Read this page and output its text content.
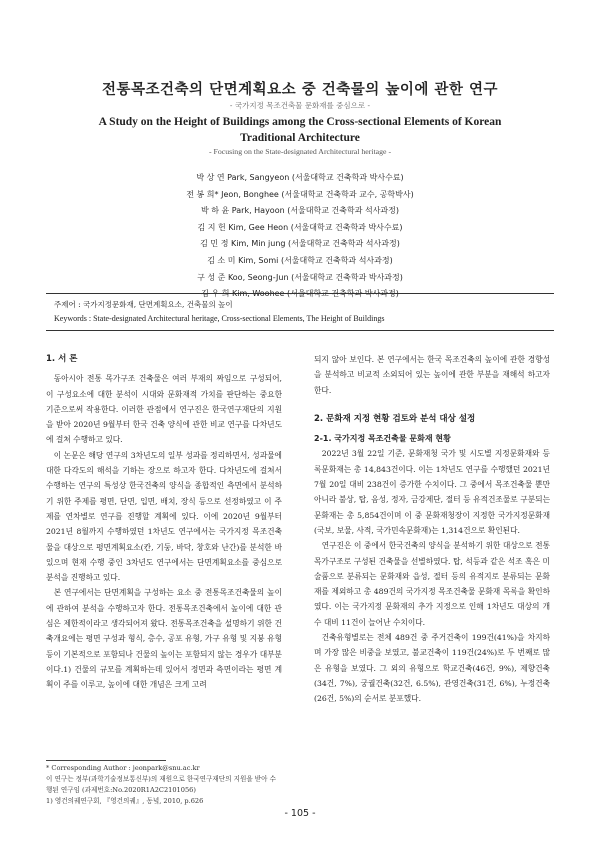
전통목조건축의 단면계획요소 중 건축물의 높이에 관한 연구
- 국가지정 목조건축물 문화재를 중심으로 -
A Study on the Height of Buildings among the Cross-sectional Elements of Korean
Traditional Architecture
- Focusing on the State-designated Architectural heritage -
박 상 연 Park, Sangyeon (서울대학교 건축학과 박사수료)
전 봉 희* Jeon, Bonghee (서울대학교 건축학과 교수, 공학박사)
박 하 윤 Park, Hayoon (서울대학교 건축학과 석사과정)
김 지 헌 Kim, Gee Heon (서울대학교 건축학과 박사수료)
김 민 정 Kim, Min jung (서울대학교 건축학과 석사과정)
김 소 미 Kim, Somi (서울대학교 건축학과 석사과정)
구 성 준 Koo, Seong-Jun (서울대학교 건축학과 박사과정)
김 우 희 Kim, Woohee (서울대학교 건축학과 박사과정)
주제어 : 국가지정문화재, 단면계획요소, 건축물의 높이
Keywords : State-designated Architectural heritage, Cross-sectional Elements, The Height of Buildings
1. 서 론

동아시아 전통 목가구조 건축물은 여러 부재의 짜임으로 구성되어, 이 구성요소에 대한 분석이 시대와 문화재적 가치를 판단하는 중요한 기준으로써 작용한다. 이러한 관점에서 연구진은 한국연구재단의 지원을 받아 2020년 9월부터 한국 건축 양식에 관한 비교 연구를 다차년도에 걸쳐 수행하고 있다.

이 논문은 해당 연구의 3차년도의 일부 성과를 정리하면서, 성과물에 대한 다각도의 해석을 기하는 장으로 하고자 한다. 다차년도에 걸쳐서 수행하는 연구의 특성상 한국건축의 양식을 종합적인 측면에서 분석하기 위한 주제를 평면, 단면, 입면, 배치, 장식 등으로 선정하였고 이 주제를 연차별로 연구를 진행할 계획에 있다. 이에 2020년 9월부터 2021년 8월까지 수행하였던 1차년도 연구에서는 국가지정 목조건축물을 대상으로 평면계획요소(칸, 기둥, 바닥, 창호와 난간)를 분석한 바 있으며 현재 수행 중인 3차년도 연구에서는 단면계획요소를 중심으로 분석을 진행하고 있다.

본 연구에서는 단면계획을 구성하는 요소 중 전통목조건축물의 높이에 관하여 분석을 수행하고자 한다. 전통목조건축에서 높이에 대한 관심은 제한적이라고 생각되어져 왔다. 전통목조건축을 설명하기 위한 건축개요에는 평면 구성과 형식, 층수, 공포 유형, 가구 유형 및 지붕 유형 등이 기본적으로 포함되나 건물의 높이는 포함되지 않는 경우가 대부분이다.1) 건물의 규모를 계획하는데 있어서 정면과 측면이라는 평면 계획이 주를 이루고, 높이에 대한 개념은 크게 고려

되지 않아 보인다. 본 연구에서는 한국 목조건축의 높이에 관한 경향성을 분석하고 비교적 소외되어 있는 높이에 관한 부분을 재해석 하고자 한다.

2. 문화재 지정 현황 검토와 분석 대상 설정
2-1. 국가지정 목조건축물 문화재 현황

2022년 3월 22일 기준, 문화재청 국가 및 시도별 지정문화재와 등록문화재는 총 14,843건이다. 이는 1차년도 연구를 수행했던 2021년 7월 20일 대비 238건이 증가한 수치이다. 그 중에서 목조건축물 뿐만 아니라 불상, 탑, 음성, 정자, 금강제단, 절터 등 유적건조물로 구분되는 문화재는 총 5,854건이며 이 중 문화재청장이 지정한 국가지정문화재(국보, 보물, 사적, 국가민속문화재)는 1,314건으로 확인된다.

연구진은 이 중에서 한국건축의 양식을 분석하기 위한 대상으로 전통 목가구조로 구성된 건축물을 선별하였다. 탑, 석등과 같은 석조 혹은 미술품으로 분류되는 문화재와 읍성, 절터 등의 유적지로 분류되는 문화재를 제외하고 총 489건의 국가지정 목조건축물 문화재 목록을 확인하였다. 이는 국가지정 문화재의 추가 지정으로 인해 1차년도 대상의 개수 대비 11건이 늘어난 수치이다.

건축유형별로는 전체 489건 중 주거건축이 199건(41%)을 차지하며 가장 많은 비중을 보였고, 불교건축이 119건(24%)로 두 번째로 많은 유형을 보였다. 그 외의 유형으로 학교건축(46건, 9%), 제향건축(34건, 7%), 궁궐건축(32건, 6.5%), 관영건축(31건, 6%), 누정건축(26건, 5%)의 순서로 분포했다.

* Corresponding Author : jeonpark@snu.ac.kr
이 연구는 정부(과학기술정보통신부)의 재원으로 한국연구재단의 지원을 받아 수행된 연구임 (과제번호:No.2020R1A2C2101056)
1) 영건의궤연구회, 『영건의궤』, 동녘, 2010, p.626
- 105 -
